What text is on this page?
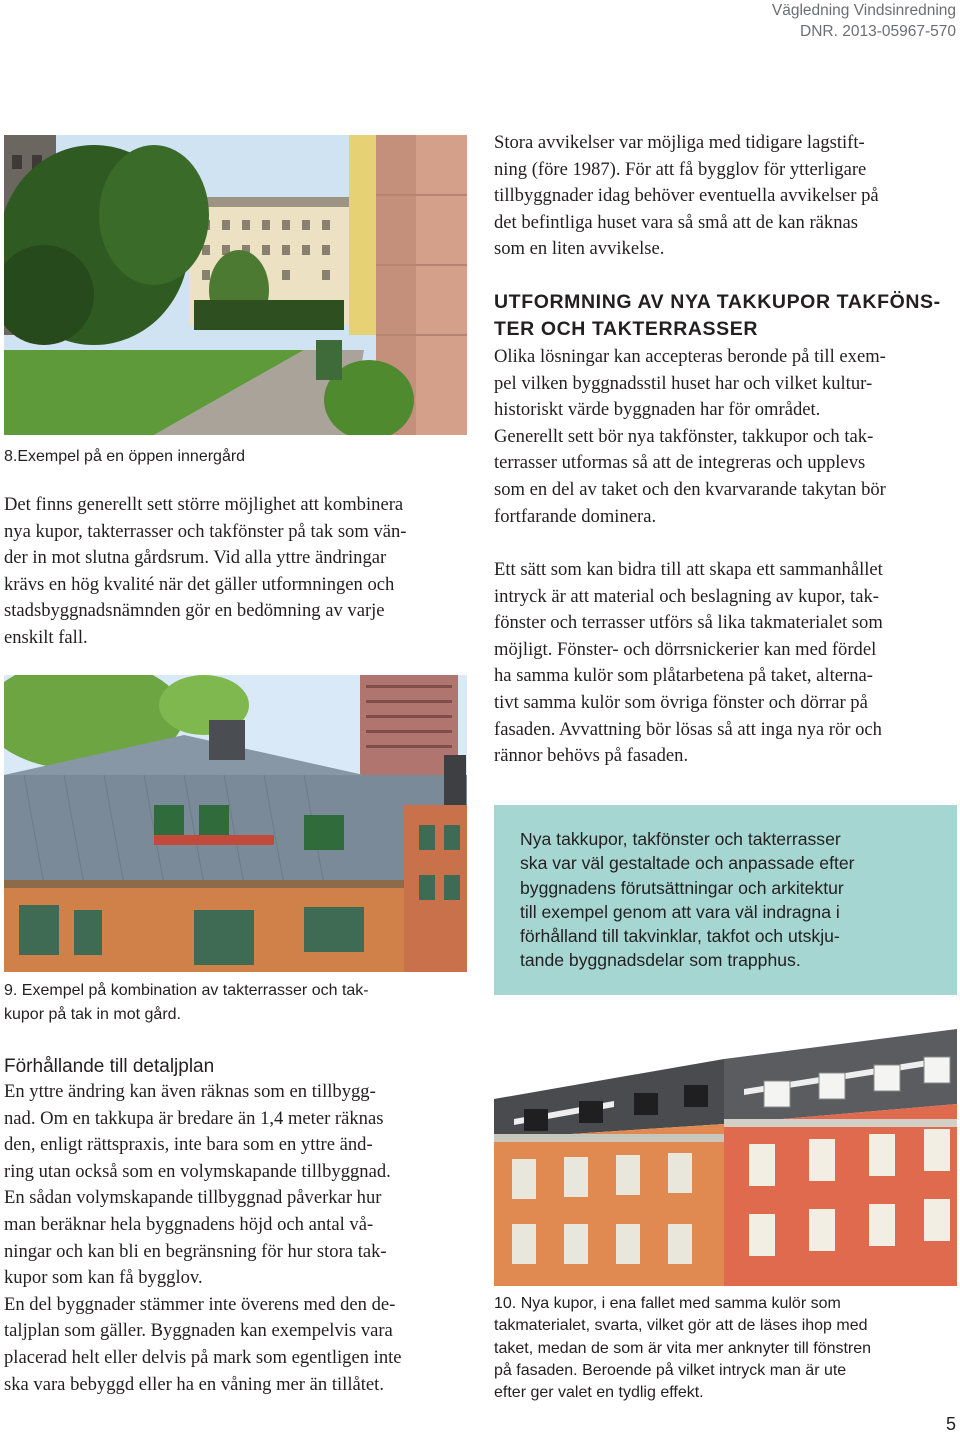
Vägledning Vindsinredning
DNR. 2013-05967-570

8.Exempel på en öppen innergård

Det finns generellt sett större möjlighet att kombinera

nya kupor, takterrasser och takfönster på tak som vän-

der in mot slutna gårdsrum. Vid alla yttre ändringar

krävs en hög kvalité när det gäller utformningen och

stadsbyggnadsnämnden gör en bedömning av varje

enskilt fall.

9. Exempel på kombination av takterrasser och tak-

kupor på tak in mot gård.

Förhållande till detaljplan

En yttre ändring kan även räknas som en tillbygg-

nad. Om en takkupa är bredare än 1,4 meter räknas

den, enligt rättspraxis, inte bara som en yttre änd-

ring utan också som en volymskapande tillbyggnad.

En sådan volymskapande tillbyggnad påverkar hur

man beräknar hela byggnadens höjd och antal vå-

ningar och kan bli en begränsning för hur stora tak-

kupor som kan få bygglov.

En del byggnader stämmer inte överens med den de-

taljplan som gäller. Byggnaden kan exempelvis vara

placerad helt eller delvis på mark som egentligen inte

ska vara bebyggd eller ha en våning mer än tillåtet.

Stora avvikelser var möjliga med tidigare lagstift-

ning (före 1987). För att få bygglov för ytterligare

tillbyggnader idag behöver eventuella avvikelser på

det befintliga huset vara så små att de kan räknas

som en liten avvikelse.

UTFORMNING AV NYA TAKKUPOR TAKFÖNS-

TER OCH TAKTERRASSER

Olika lösningar kan accepteras beronde på till exem-

pel vilken byggnadsstil huset har och vilket kultur-

historiskt värde byggnaden har för området.

Generellt sett bör nya takfönster, takkupor och tak-

terrasser utformas så att de integreras och upplevs

som en del av taket och den kvarvarande takytan bör

fortfarande dominera.

Ett sätt som kan bidra till att skapa ett sammanhållet

intryck är att material och beslagning av kupor, tak-

fönster och terrasser utförs så lika takmaterialet som

möjligt. Fönster- och dörrsnickerier kan med fördel

ha samma kulör som plåtarbetena på taket, alterna-

tivt samma kulör som övriga fönster och dörrar på

fasaden. Avvattning bör lösas så att inga nya rör och

rännor behövs på fasaden.

Nya takkupor, takfönster och takterrasser

ska var väl gestaltade och anpassade efter

byggnadens förutsättningar och arkitektur

till exempel genom att vara väl indragna i

förhålland till takvinklar, takfot och utskju-

tande byggnadsdelar som trapphus.

10. Nya kupor, i ena fallet med samma kulör som

takmaterialet, svarta, vilket gör att de läses ihop med

taket, medan de som är vita mer anknyter till fönstren

på fasaden. Beroende på vilket intryck man är ute

efter ger valet en tydlig effekt.

5
